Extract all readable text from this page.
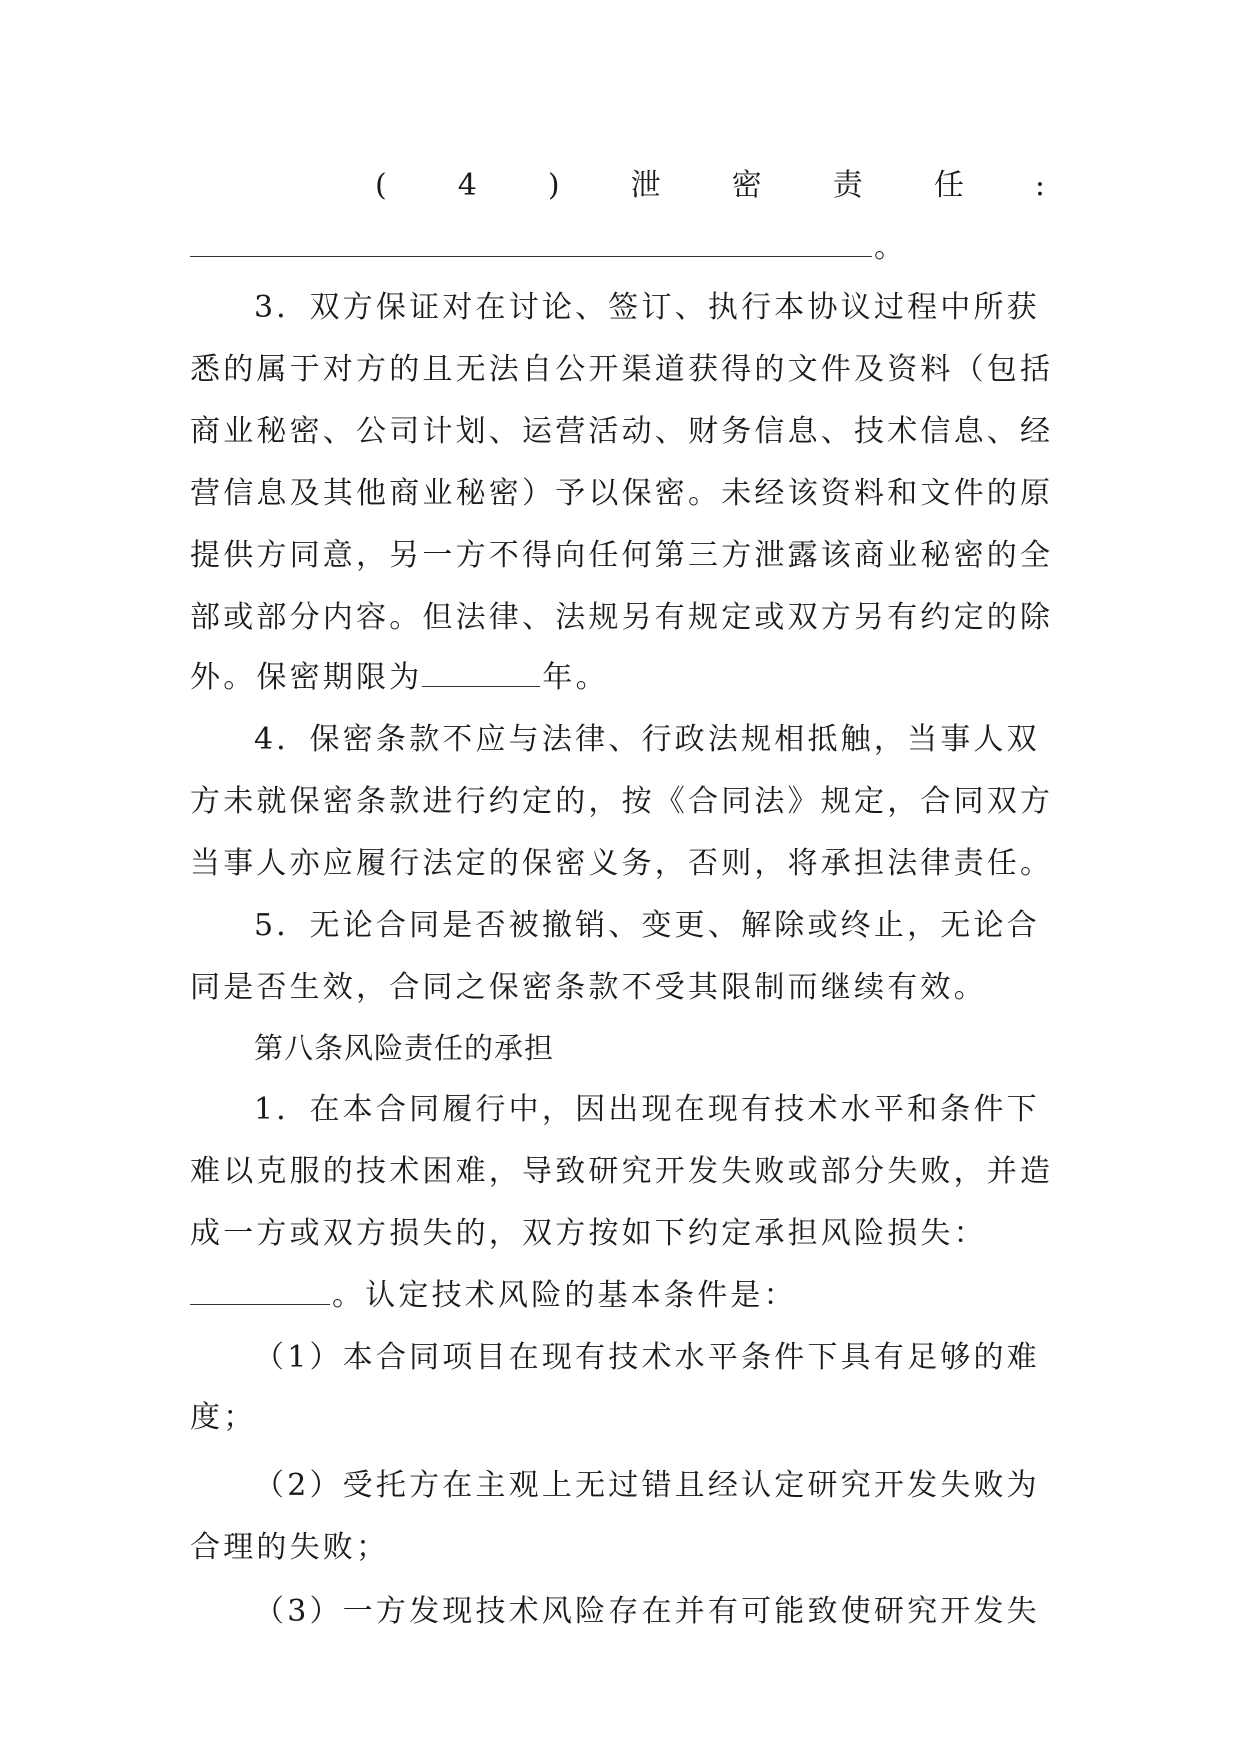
( 4 ) 泄 密 责 任 :
。
3．双方保证对在讨论、签订、执行本协议过程中所获
悉的属于对方的且无法自公开渠道获得的文件及资料（包括
商业秘密、公司计划、运营活动、财务信息、技术信息、经
营信息及其他商业秘密）予以保密。未经该资料和文件的原
提供方同意，另一方不得向任何第三方泄露该商业秘密的全
部或部分内容。但法律、法规另有规定或双方另有约定的除
外。保密期限为	年。
4．保密条款不应与法律、行政法规相抵触，当事人双
方未就保密条款进行约定的，按《合同法》规定，合同双方
当事人亦应履行法定的保密义务，否则，将承担法律责任。
5．无论合同是否被撤销、变更、解除或终止，无论合
同是否生效，合同之保密条款不受其限制而继续有效。
第八条风险责任的承担
1．在本合同履行中，因出现在现有技术水平和条件下
难以克服的技术困难，导致研究开发失败或部分失败，并造
成一方或双方损失的，双方按如下约定承担风险损失：
。认定技术风险的基本条件是：
（1）本合同项目在现有技术水平条件下具有足够的难
度；
（2）受托方在主观上无过错且经认定研究开发失败为
合理的失败；
（3）一方发现技术风险存在并有可能致使研究开发失
